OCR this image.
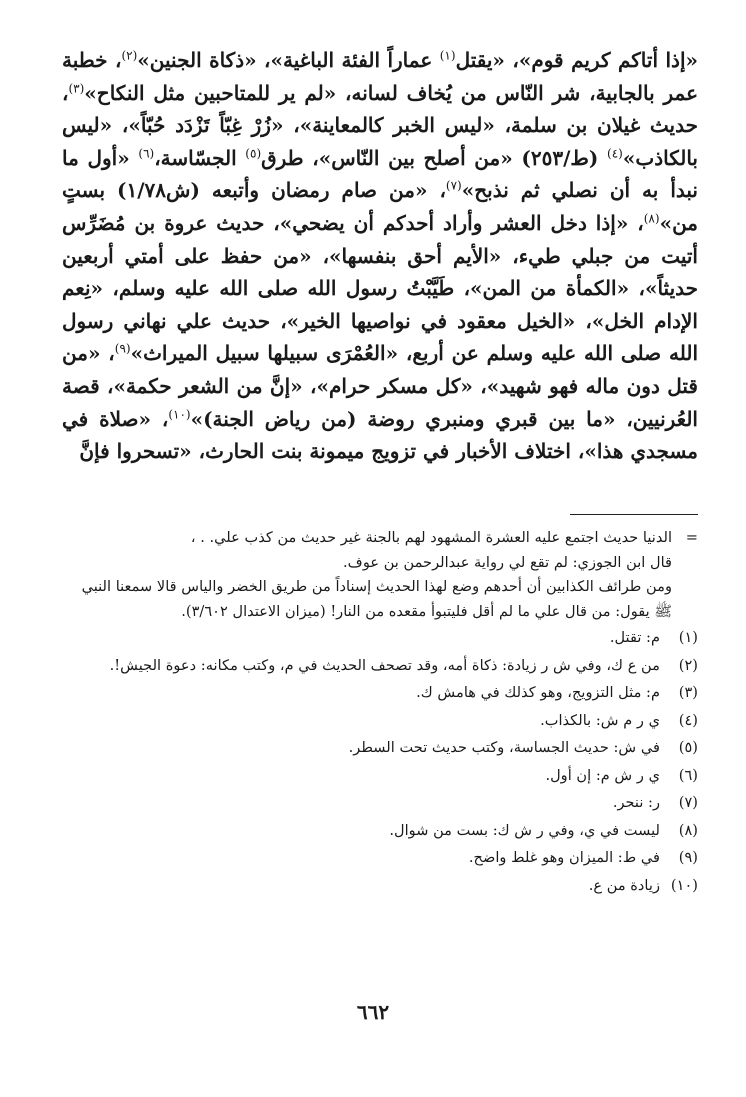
«إذا أتاكم كريم قوم»، «يقتل$^{(١)}$ عماراً الفئة الباغية»، «ذكاة الجنين»$^{(٢)}$، خطبة عمر بالجابية، شر النّاس من يُخاف لسانه، «لم ير للمتاحبين مثل النكاح»$^{(٣)}$، حديث غيلان بن سلمة، «ليس الخبر كالمعاينة»، «زُرْ غِبّاً تَزْدَد حُبّاً»، «ليس بالكاذب»$^{(٤)}$ (ط/٢٥٣) «من أصلح بين النّاس»، طرق$^{(٥)}$ الجسّاسة،$^{(٦)}$ «أول ما نبدأ به أن نصلي ثم نذبح»$^{(٧)}$، «من صام رمضان وأتبعه (ش١/٧٨) بستٍ من»$^{(٨)}$، «إذا دخل العشر وأراد أحدكم أن يضحي»، حديث عروة بن مُضَرِّس أتيت من جبلي طيء، «الأيم أحق بنفسها»، «من حفظ على أمتي أربعين حديثاً»، «الكمأة من المن»، طَيَّبْتُ رسول الله صلى الله عليه وسلم، «نِعم الإدام الخل»، «الخيل معقود في نواصيها الخير»، حديث علي نهاني رسول الله صلى الله عليه وسلم عن أربع، «العُمْرَى سبيلها سبيل الميراث»$^{(٩)}$، «من قتل دون ماله فهو شهيد»، «كل مسكر حرام»، «إنَّ من الشعر حكمة»، قصة العُرنيين، «ما بين قبري ومنبري روضة (من رياض الجنة)»$^{(١٠)}$، «صلاة في مسجدي هذا»، اختلاف الأخبار في تزويج ميمونة بنت الحارث، «تسحروا فإنَّ

=

الدنيا حديث اجتمع عليه العشرة المشهود لهم بالجنة غير حديث من كذب علي. . ،

قال ابن الجوزي: لم تقع لي رواية عبدالرحمن بن عوف.

ومن طرائف الكذابين أن أحدهم وضع لهذا الحديث إسناداً من طريق الخضر والياس قالا سمعنا النبي ﷺ يقول: من قال علي ما لم أقل فليتبوأ مقعده من النار! (ميزان الاعتدال ٣/٦٠٢).

(١)
م: تقتل.
(٢)
من ع ك، وفي ش ر زيادة: ذكاة أمه، وقد تصحف الحديث في م، وكتب مكانه: دعوة الجيش!.
(٣)
م: مثل التزويج، وهو كذلك في هامش ك.
(٤)
ي ر م ش: بالكذاب.
(٥)
في ش: حديث الجساسة، وكتب حديث تحت السطر.
(٦)
ي ر ش م: إن أول.
(٧)
ر: ننحر.
(٨)
ليست في ي، وفي ر ش ك: بست من شوال.
(٩)
في ط: الميزان وهو غلط واضح.
(١٠)
زيادة من ع.
٦٦٢
